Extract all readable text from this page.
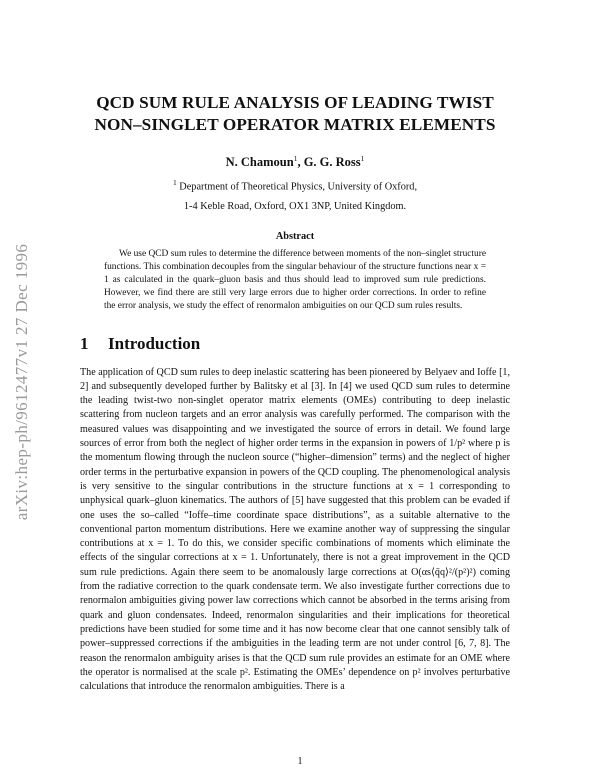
arXiv:hep-ph/9612477v1 27 Dec 1996
QCD SUM RULE ANALYSIS OF LEADING TWIST
NON–SINGLET OPERATOR MATRIX ELEMENTS
N. Chamoun$^1$, G. G. Ross$^1$
$^1$ Department of Theoretical Physics, University of Oxford,
1-4 Keble Road, Oxford, OX1 3NP, United Kingdom.
Abstract
We use QCD sum rules to determine the difference between moments of the non–singlet structure functions. This combination decouples from the singular behaviour of the structure functions near x = 1 as calculated in the quark–gluon basis and thus should lead to improved sum rule predictions. However, we find there are still very large errors due to higher order corrections. In order to refine the error analysis, we study the effect of renormalon ambiguities on our QCD sum rules results.
1 Introduction
The application of QCD sum rules to deep inelastic scattering has been pioneered by Belyaev and Ioffe [1, 2] and subsequently developed further by Balitsky et al [3]. In [4] we used QCD sum rules to determine the leading twist-two non-singlet operator matrix elements (OMEs) contributing to deep inelastic scattering from nucleon targets and an error analysis was carefully performed. The comparison with the measured values was disappointing and we investigated the source of errors in detail. We found large sources of error from both the neglect of higher order terms in the expansion in powers of 1/p² where p is the momentum flowing through the nucleon source (“higher–dimension” terms) and the neglect of higher order terms in the perturbative expansion in powers of the QCD coupling. The phenomenological analysis is very sensitive to the singular contributions in the structure functions at x = 1 corresponding to unphysical quark–gluon kinematics. The authors of [5] have suggested that this problem can be evaded if one uses the so–called “Ioffe–time coordinate space distributions”, as a suitable alternative to the conventional parton momentum distributions. Here we examine another way of suppressing the singular contributions at x = 1. To do this, we consider specific combinations of moments which eliminate the effects of the singular corrections at x = 1. Unfortunately, there is not a great improvement in the QCD sum rule predictions. Again there seem to be anomalously large corrections at O(αs⟨q̄q⟩²/(p²)²) coming from the radiative correction to the quark condensate term. We also investigate further corrections due to renormalon ambiguities giving power law corrections which cannot be absorbed in the terms arising from quark and gluon condensates. Indeed, renormalon singularities and their implications for theoretical predictions have been studied for some time and it has now become clear that one cannot sensibly talk of power–suppressed corrections if the ambiguities in the leading term are not under control [6, 7, 8]. The reason the renormalon ambiguity arises is that the QCD sum rule provides an estimate for an OME where the operator is normalised at the scale p². Estimating the OMEs’ dependence on p² involves perturbative calculations that introduce the renormalon ambiguities. There is a
1
